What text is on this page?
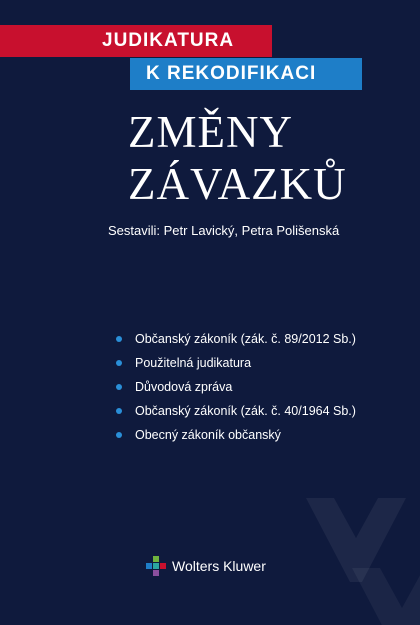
JUDIKATURA
K REKODIFIKACI
ZMĚNY
ZÁVAZKŮ
Sestavili: Petr Lavický, Petra Polišenská
Občanský zákoník (zák. č. 89/2012 Sb.)
Použitelná judikatura
Důvodová zpráva
Občanský zákoník (zák. č. 40/1964 Sb.)
Obecný zákoník občanský
Wolters Kluwer
